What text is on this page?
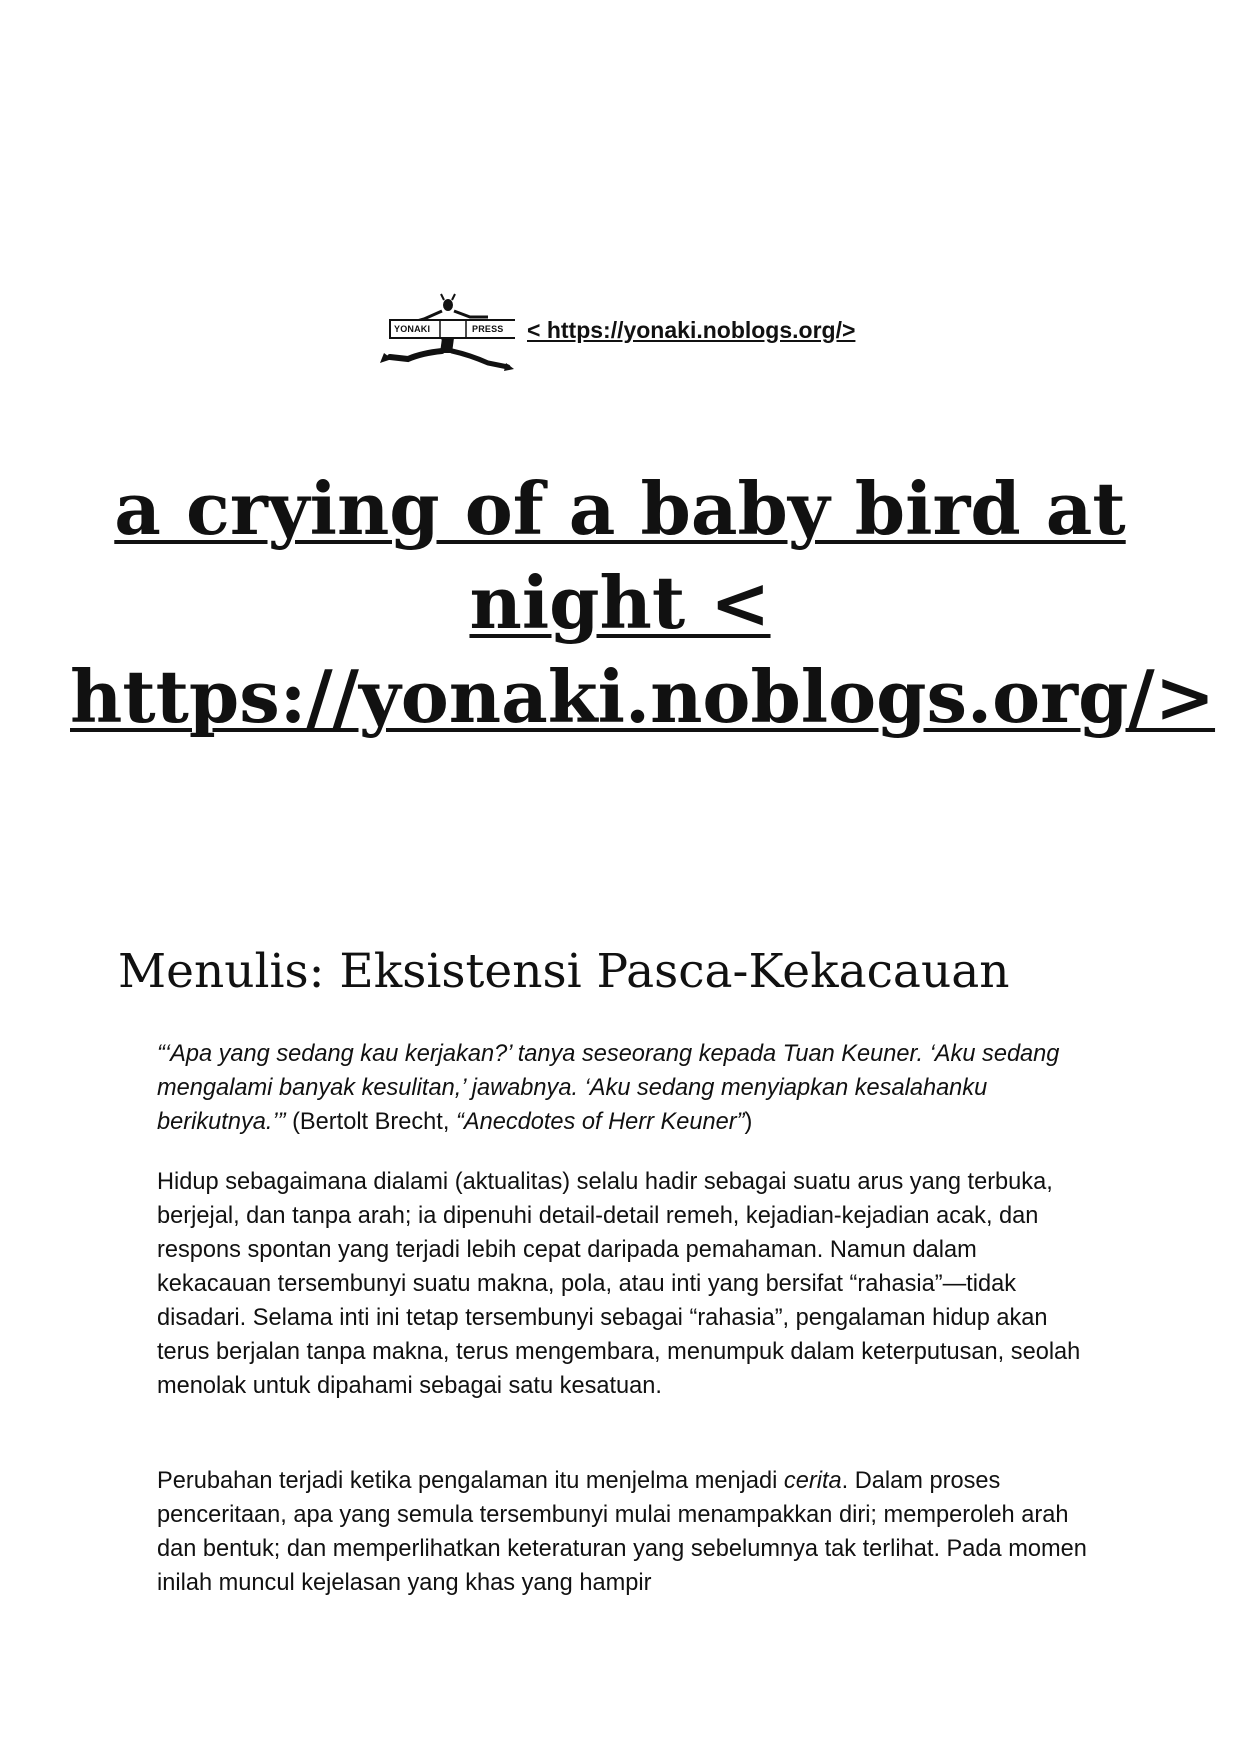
YONAKI	PRESS < https://yonaki.noblogs.org/>
a crying of a baby bird at night < https://yonaki.noblogs.org/>
Menulis: Eksistensi Pasca-Kekacauan

“‘Apa yang sedang kau kerjakan?’ tanya seseorang kepada Tuan Keuner. ‘Aku sedang mengalami banyak kesulitan,’ jawabnya. ‘Aku sedang menyiapkan kesalahanku berikutnya.’” (Bertolt Brecht, “Anecdotes of Herr Keuner”)

Hidup sebagaimana dialami (aktualitas) selalu hadir sebagai suatu arus yang terbuka, berjejal, dan tanpa arah; ia dipenuhi detail-detail remeh, kejadian-kejadian acak, dan respons spontan yang terjadi lebih cepat daripada pemahaman. Namun dalam kekacauan tersembunyi suatu makna, pola, atau inti yang bersifat “rahasia”—tidak disadari. Selama inti ini tetap tersembunyi sebagai “rahasia”, pengalaman hidup akan terus berjalan tanpa makna, terus mengembara, menumpuk dalam keterputusan, seolah menolak untuk dipahami sebagai satu kesatuan.

Perubahan terjadi ketika pengalaman itu menjelma menjadi cerita. Dalam proses penceritaan, apa yang semula tersembunyi mulai menampakkan diri; memperoleh arah dan bentuk; dan memperlihatkan keteraturan yang sebelumnya tak terlihat. Pada momen inilah muncul kejelasan yang khas yang hampir
